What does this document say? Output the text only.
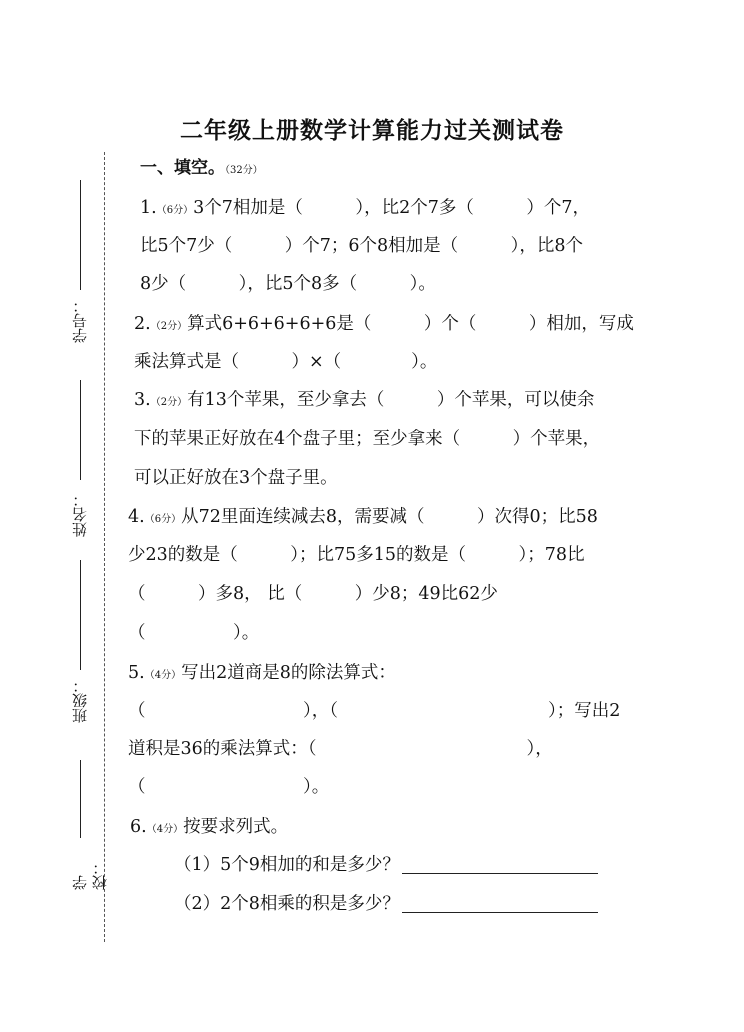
二年级上册数学计算能力过关测试卷
学号：
姓名：
班级：
学校：
一、填空。（32分）
1.（6分）3个7相加是（　　　），比2个7多（　　　）个7，
比5个7少（　　　）个7；6个8相加是（　　　），比8个
8少（　　　），比5个8多（　　　）。
2.（2分）算式6+6+6+6+6是（　　　）个（　　　）相加，写成
乘法算式是（　　　）×（　　　　）。
3.（2分）有13个苹果，至少拿去（　　　）个苹果，可以使余
下的苹果正好放在4个盘子里；至少拿来（　　　）个苹果，
可以正好放在3个盘子里。
4.（6分）从72里面连续减去8，需要减（　　　）次得0；比58
少23的数是（　　　）；比75多15的数是（　　　）；78比
（　　　）多8， 比（　　　）少8；49比62少
（　　　　　）。
5.（4分）写出2道商是8的除法算式：
（　　　　　　　　　），（　　　　　　　　　　　　）；写出2
道积是36的乘法算式：（　　　　　　　　　　　　），
（　　　　　　　　　）。
6.（4分）按要求列式。
（1）5个9相加的和是多少？
（2）2个8相乘的积是多少？
